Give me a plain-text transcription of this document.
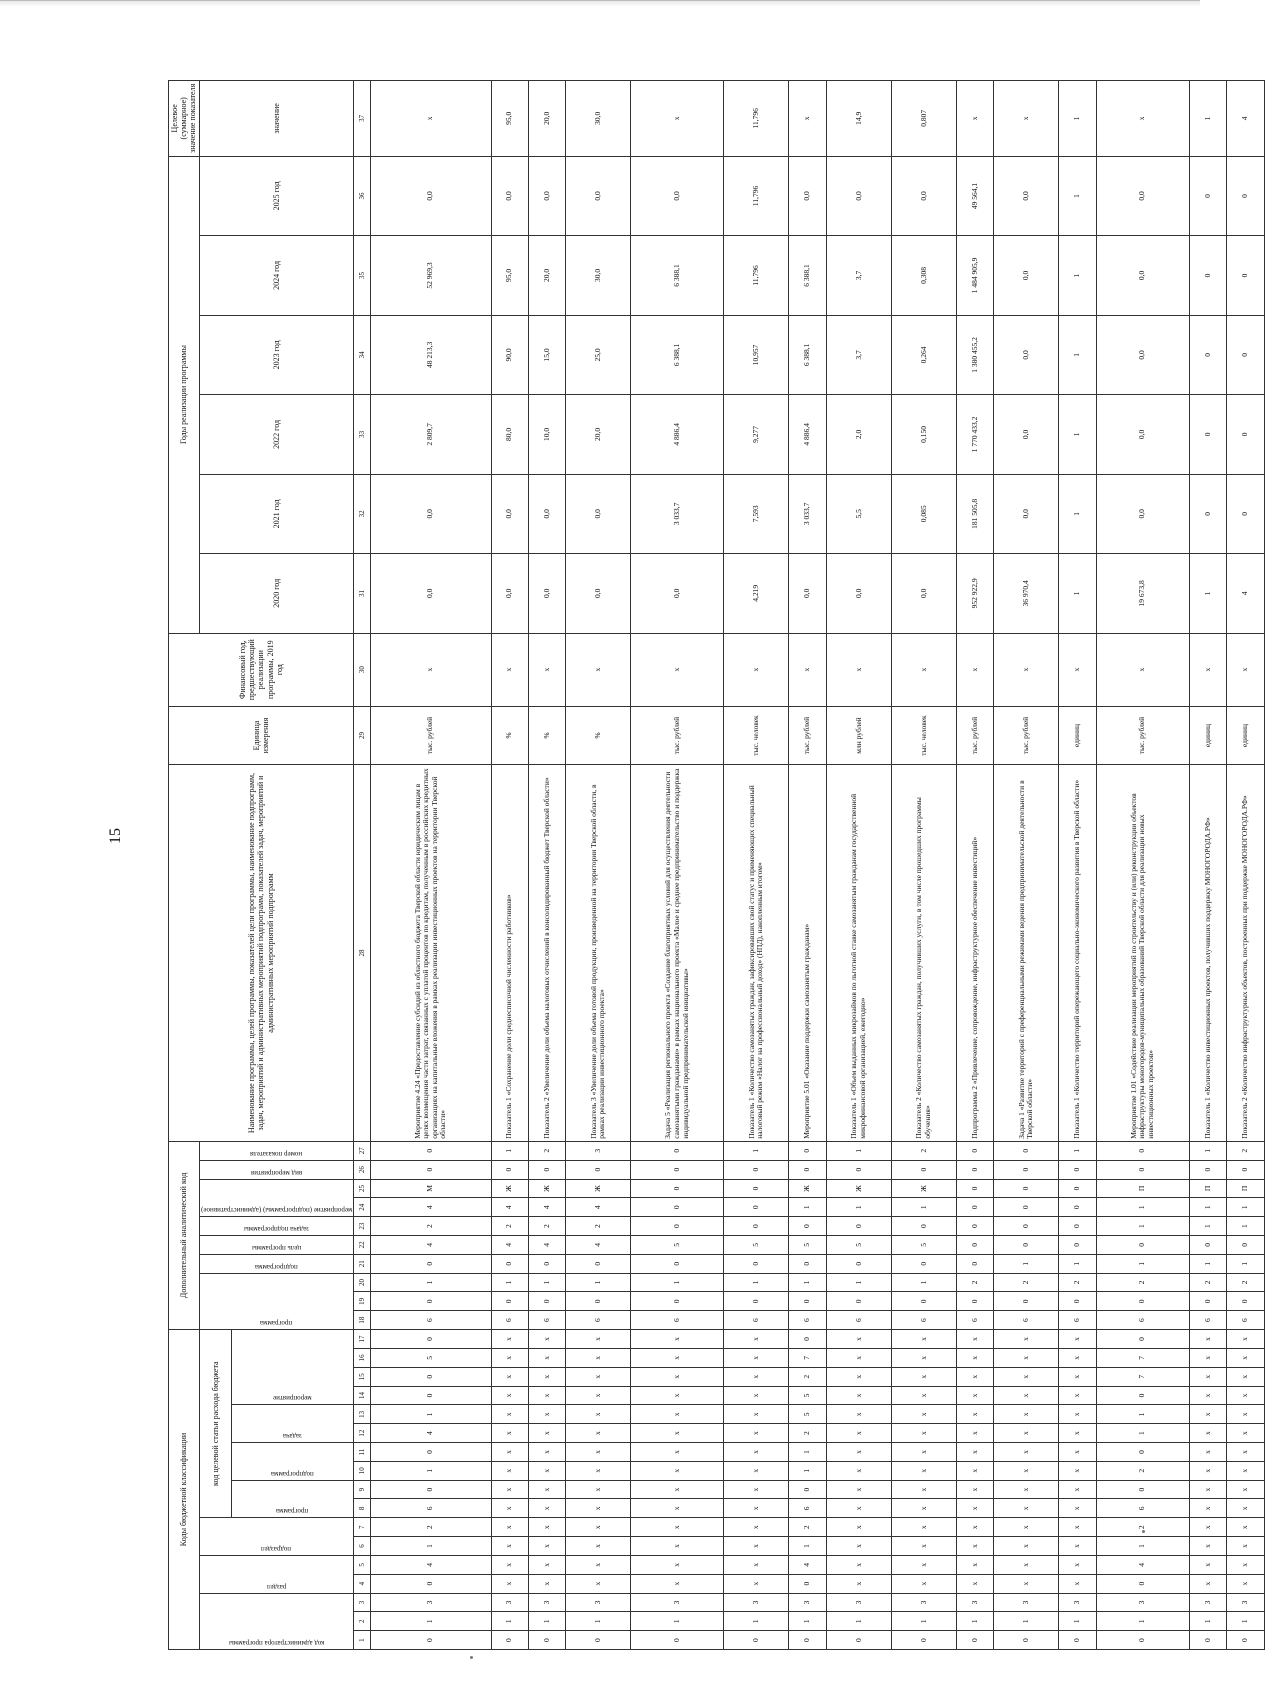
15
Коды бюджетной классификации																	Дополнительный аналитический код										Наименование программы, целей программы, показателей цели программы, наименование подпрограмм, задач, мероприятий и административных мероприятий подпрограмм, показателей задач, мероприятий и административных мероприятий подпрограмм	Единица измерения	Финансовый год, предшествующий реализации программы, 2019 год	Годы реализации программы						Целевое (суммарное) значение показателя

код администратора программы			раздел		подраздел		код целевой статьи расхода бюджета										программа			подпрограмма	цель программы	задача подпрограммы	мероприятие (подпрограммы) (административное)		вид мероприятия	номер показателя				2020 год	2021 год	2022 год	2023 год	2024 год	2025 год	значение

							программа		подпрограмма		задача		мероприятие																							

1	2	3	4	5	6	7	8	9	10	11	12	13	14	15	16	17	18	19	20	21	22	23	24	25	26	27	28	29	30	31	32	33	34	35	36	37
0	1	3	0	4	1	2	6	0	1	0	4	1	0	0	5	0	6	0	1	0	4	2	4	М	0	0	Мероприятие 4.24 «Предоставление субсидий из областного бюджета Тверской области юридическим лицам в целях возмещения части затрат, связанных с уплатой процентов по кредитам, полученным в российских кредитных организациях на капитальные вложения в рамках реализации инвестиционных проектов на территории Тверской области»	тыс. рублей	х	0,0	0,0	2 809,7	48 213,3	52 969,3	0,0	х
0	1	3	х	х	х	х	х	х	х	х	х	х	х	х	х	х	6	0	1	0	4	2	4	Ж	0	1	Показатель 1 «Сохранение доли среднесписочной численности работников»	%	х	0,0	0,0	80,0	90,0	95,0	0,0	95,0
0	1	3	х	х	х	х	х	х	х	х	х	х	х	х	х	х	6	0	1	0	4	2	4	Ж	0	2	Показатель 2 «Увеличение доли объема налоговых отчислений в консолидированный бюджет Тверской области»	%	х	0,0	0,0	10,0	15,0	20,0	0,0	20,0
0	1	3	х	х	х	х	х	х	х	х	х	х	х	х	х	х	6	0	1	0	4	2	4	Ж	0	3	Показатель 3 «Увеличение доли объема готовой продукции, произведенной на территории Тверской области, в рамках реализации инвестиционного проекта»	%	х	0,0	0,0	20,0	25,0	30,0	0,0	30,0
0	1	3	х	х	х	х	х	х	х	х	х	х	х	х	х	х	6	0	1	0	5	0	0	0	0	0	Задача 5 «Реализация регионального проекта «Создание благоприятных условий для осуществления деятельности самозанятыми гражданами» в рамках национального проекта «Малое и среднее предпринимательство и поддержка индивидуальной предпринимательской инициативы»	тыс. рублей	х	0,0	3 033,7	4 886,4	6 388,1	6 388,1	0,0	х
0	1	3	х	х	х	х	х	х	х	х	х	х	х	х	х	х	6	0	1	0	5	0	0	0	0	1	Показатель 1 «Количество самозанятых граждан, зафиксировавших свой статус и применяющих специальный налоговый режим «Налог на профессиональный доход» (НПД), накопленным итогом»	тыс. человек	х	4,219	7,593	9,277	10,957	11,796	11,796	11,796
0	1	3	0	4	1	2	6	0	1	1	2	5	5	2	7	0	6	0	1	0	5	0	1	Ж	0	0	Мероприятие 5.01 «Оказание поддержки самозанятым гражданам»	тыс. рублей	х	0,0	3 033,7	4 886,4	6 388,1	6 388,1	0,0	х
0	1	3	х	х	х	х	х	х	х	х	х	х	х	х	х	х	6	0	1	0	5	0	1	Ж	0	1	Показатель 1 «Объем выданных микрозаймов по льготной ставке самозанятым гражданам государственной микрофинансовой организацией, ежегодно»	млн рублей	х	0,0	5,5	2,0	3,7	3,7	0,0	14,9
0	1	3	х	х	х	х	х	х	х	х	х	х	х	х	х	х	6	0	1	0	5	0	1	Ж	0	2	Показатель 2 «Количество самозанятых граждан, получивших услуги, в том числе прошедших программы обучения»	тыс. человек	х	0,0	0,085	0,150	0,264	0,308	0,0	0,807
0	1	3	х	х	х	х	х	х	х	х	х	х	х	х	х	х	6	0	2	0	0	0	0	0	0	0	Подпрограмма 2 «Привлечение, сопровождение, инфраструктурное обеспечение инвестиций»	тыс. рублей	х	952 922,9	181 505,8	1 770 433,2	1 380 455,2	1 484 905,9	49 564,1	х
0	1	3	х	х	х	х	х	х	х	х	х	х	х	х	х	х	6	0	2	1	0	0	0	0	0	0	Задача 1 «Развитие территорий с преференциальными режимами ведения предпринимательской деятельности в Тверской области»	тыс. рублей	х	36 970,4	0,0	0,0	0,0	0,0	0,0	х
0	1	3	х	х	х	х	х	х	х	х	х	х	х	х	х	х	6	0	2	1	0	0	0	0	0	1	Показатель 1 «Количество территорий опережающего социально-экономического развития в Тверской области»	единиц	х	1	1	1	1	1	1	1
0	1	3	0	4	1	2	6	0	2	0	1	1	0	7	7	0	6	0	2	1	0	1	1	П	0	0	Мероприятие 1.01 «Содействие реализации мероприятий по строительству и (или) реконструкции объектов инфраструктуры моногородов-муниципальных образований Тверской области для реализации новых инвестиционных проектов»	тыс. рублей	х	19 673,8	0,0	0,0	0,0	0,0	0,0	х
0	1	3	х	х	х	х	х	х	х	х	х	х	х	х	х	х	6	0	2	1	0	1	1	П	0	1	Показатель 1 «Количество инвестиционных проектов, получивших поддержку МОНОГОРОДА.РФ»	единиц	х	1	0	0	0	0	0	1
0	1	3	х	х	х	х	х	х	х	х	х	х	х	х	х	х	6	0	2	1	0	1	1	П	0	2	Показатель 2 «Количество инфраструктурных объектов, построенных при поддержке МОНОГОРОДА.РФ»	единиц	х	4	0	0	0	0	0	4
